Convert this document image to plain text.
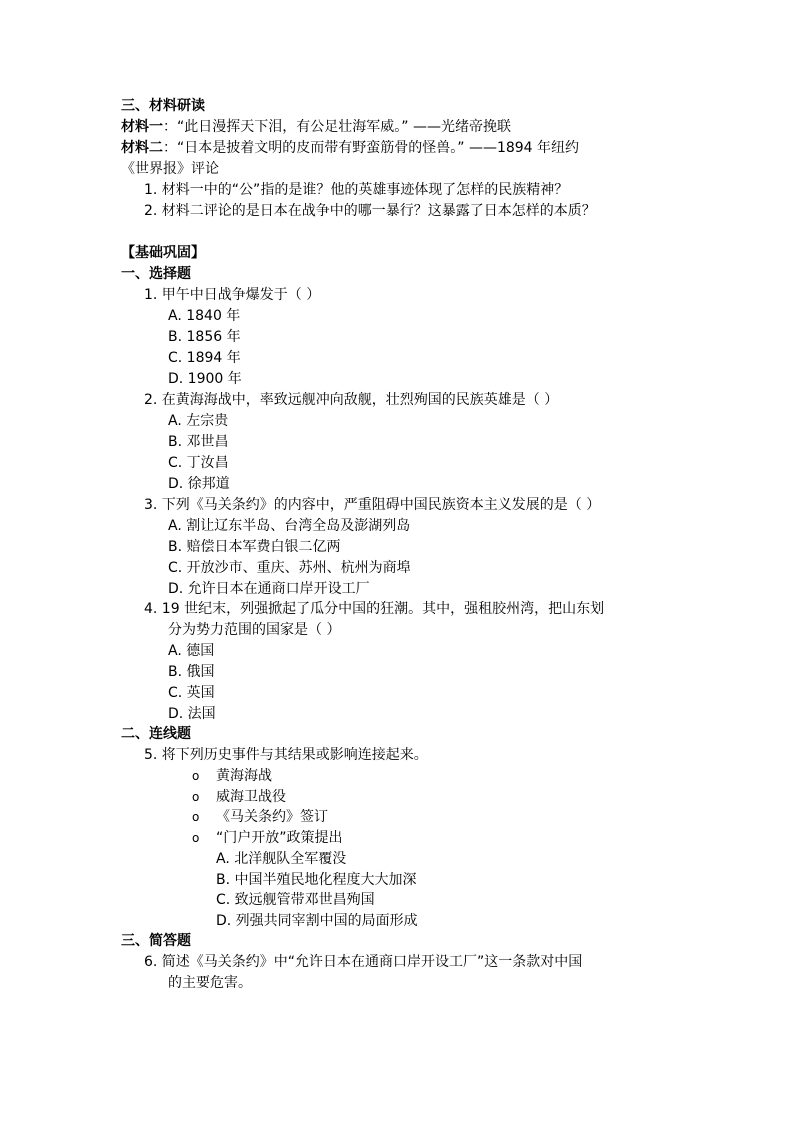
三、材料研读
材料一：“此日漫挥天下泪，有公足壮海军威。” ——光绪帝挽联
材料二：“日本是披着文明的皮而带有野蛮筋骨的怪兽。” ——1894 年纽约
《世界报》评论
1. 材料一中的“公”指的是谁？他的英雄事迹体现了怎样的民族精神？
2. 材料二评论的是日本在战争中的哪一暴行？这暴露了日本怎样的本质？
【基础巩固】
一、选择题
1. 甲午中日战争爆发于（ ）
A. 1840 年
B. 1856 年
C. 1894 年
D. 1900 年
2. 在黄海海战中，率致远舰冲向敌舰，壮烈殉国的民族英雄是（ ）
A. 左宗贵
B. 邓世昌
C. 丁汝昌
D. 徐邦道
3. 下列《马关条约》的内容中，严重阻碍中国民族资本主义发展的是（ ）
A. 割让辽东半岛、台湾全岛及澎湖列岛
B. 赔偿日本军费白银二亿两
C. 开放沙市、重庆、苏州、杭州为商埠
D. 允许日本在通商口岸开设工厂
4. 19 世纪末，列强掀起了瓜分中国的狂潮。其中，强租胶州湾，把山东划
分为势力范围的国家是（ ）
A. 德国
B. 俄国
C. 英国
D. 法国
二、连线题
5. 将下列历史事件与其结果或影响连接起来。
o 黄海海战
o 威海卫战役
o 《马关条约》签订
o “门户开放”政策提出
A. 北洋舰队全军覆没
B. 中国半殖民地化程度大大加深
C. 致远舰管带邓世昌殉国
D. 列强共同宰割中国的局面形成
三、简答题
6. 简述《马关条约》中“允许日本在通商口岸开设工厂”这一条款对中国
的主要危害。
